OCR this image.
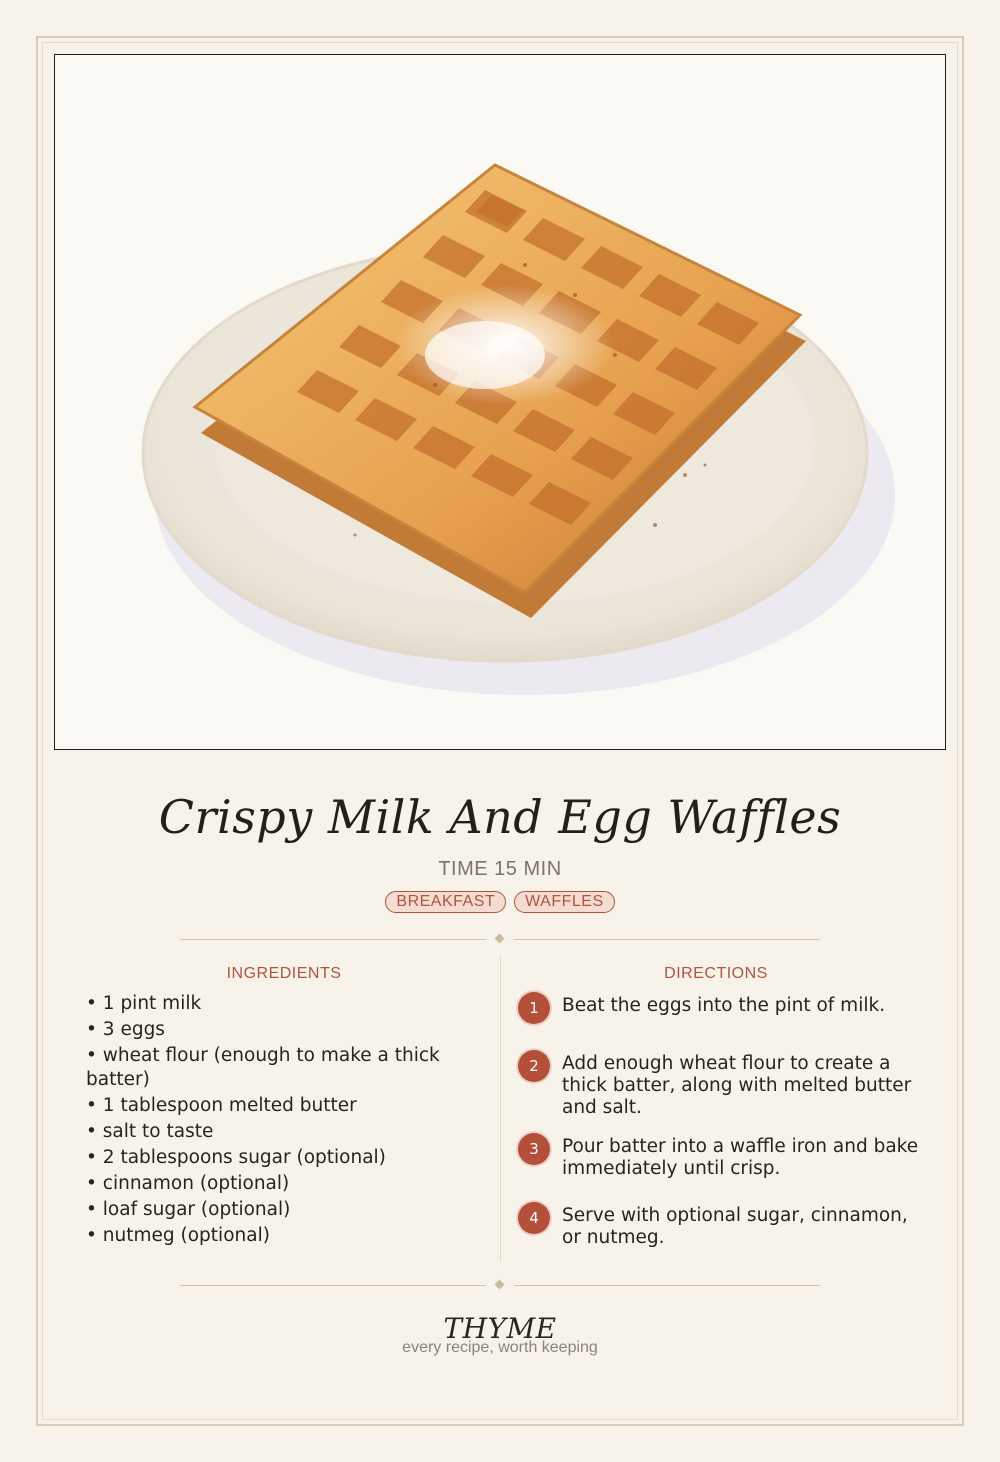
Crispy Milk And Egg Waffles
TIME 15 MIN
BREAKFAST	WAFFLES
INGREDIENTS	DIRECTIONS
• 1 pint milk
• 3 eggs
• wheat flour (enough to make a thick batter)
• 1 tablespoon melted butter
• salt to taste
• 2 tablespoons sugar (optional)
• cinnamon (optional)
• loaf sugar (optional)
• nutmeg (optional)
1	Beat the eggs into the pint of milk.
2	Add enough wheat flour to create a thick batter, along with melted butter and salt.
3	Pour batter into a waffle iron and bake immediately until crisp.
4	Serve with optional sugar, cinnamon, or nutmeg.
THYME
every recipe, worth keeping
